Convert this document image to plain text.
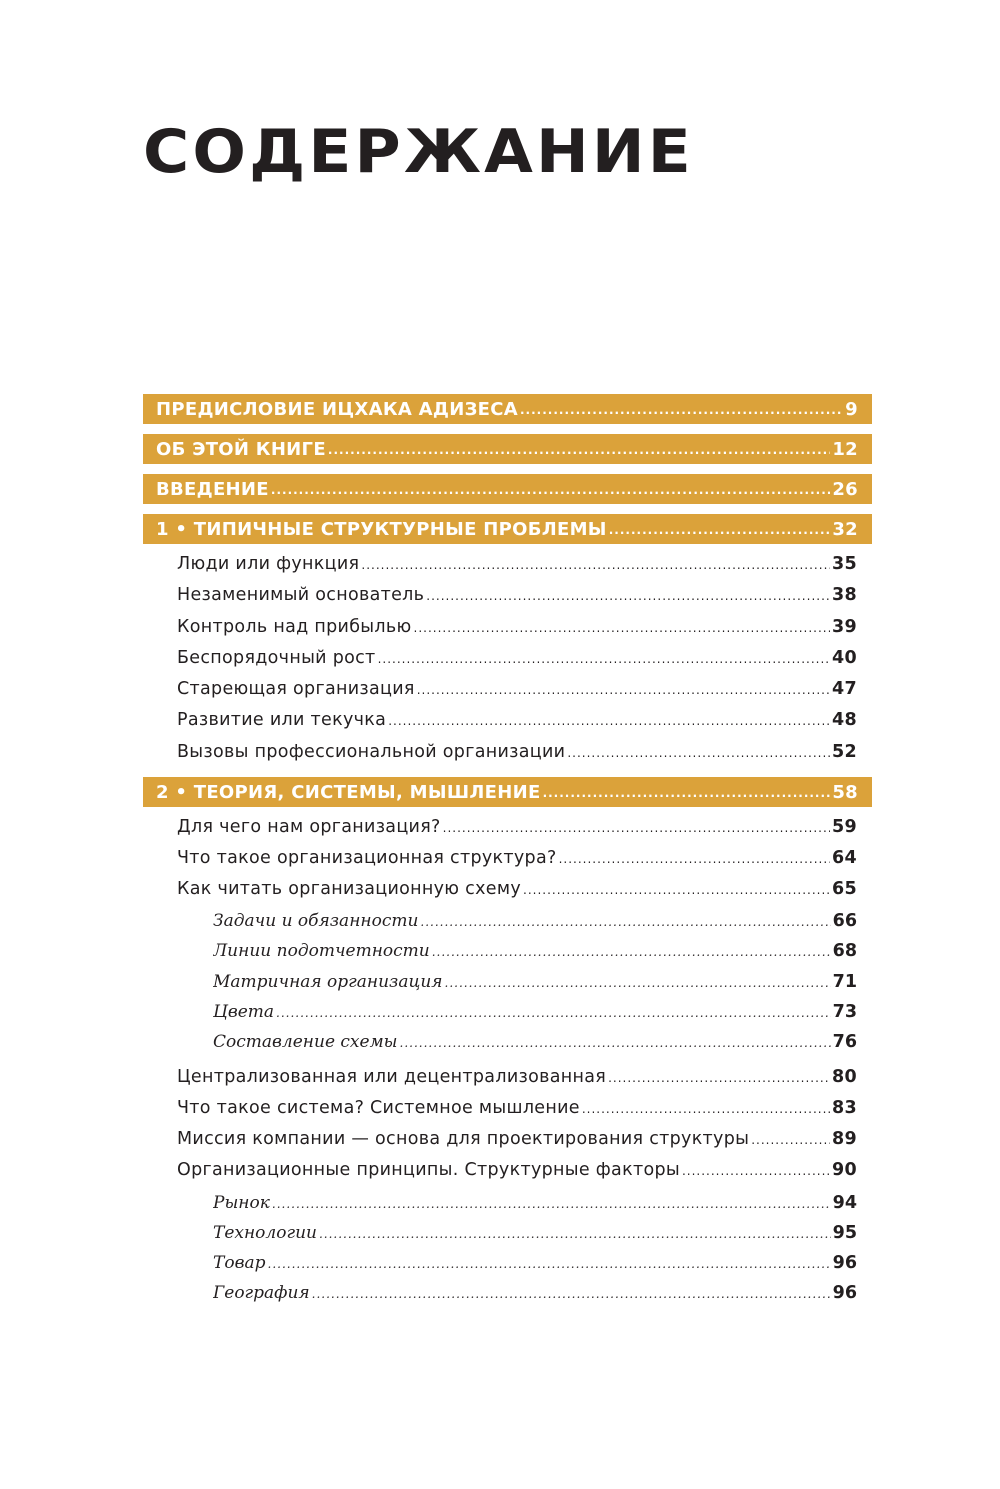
СОДЕРЖАНИЕ
ПРЕДИСЛОВИЕ ИЦХАКА АДИЗЕСА .....	9
ОБ ЭТОЙ КНИГЕ .....	12
ВВЕДЕНИЕ .....	26
1 • ТИПИЧНЫЕ СТРУКТУРНЫЕ ПРОБЛЕМЫ .....	32
Люди или функция .....	35
Незаменимый основатель .....	38
Контроль над прибылью .....	39
Беспорядочный рост .....	40
Стареющая организация .....	47
Развитие или текучка .....	48
Вызовы профессиональной организации .....	52
2 • ТЕОРИЯ, СИСТЕМЫ, МЫШЛЕНИЕ .....	58
Для чего нам организация? .....	59
Что такое организационная структура? .....	64
Как читать организационную схему .....	65
Задачи и обязанности .....	66
Линии подотчетности .....	68
Матричная организация .....	71
Цвета .....	73
Составление схемы .....	76
Централизованная или децентрализованная .....	80
Что такое система? Системное мышление .....	83
Миссия компании — основа для проектирования структуры .....	89
Организационные принципы. Структурные факторы .....	90
Рынок .....	94
Технологии .....	95
Товар .....	96
География .....	96
